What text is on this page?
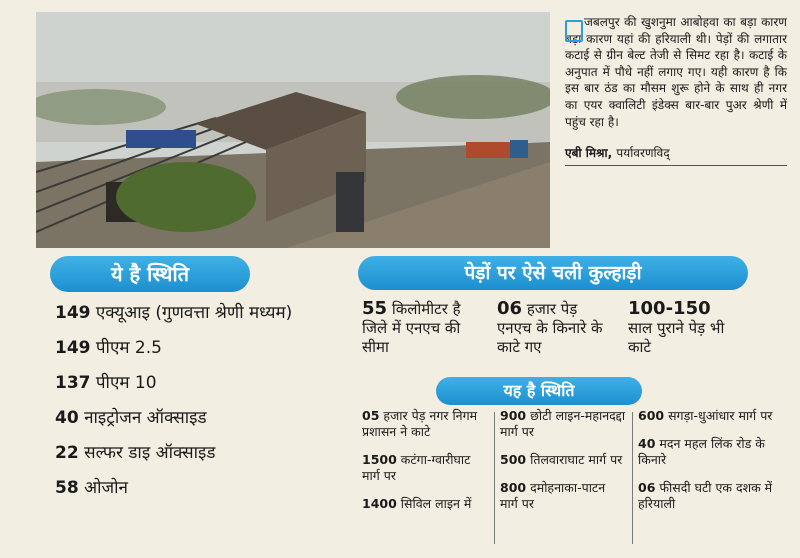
जबलपुर की खुशनुमा आबोहवा का बड़ा कारण बड़ा कारण यहां की हरियाली थी। पेड़ों की लगातार कटाई से ग्रीन बेल्ट तेजी से सिमट रहा है। कटाई के अनुपात में पौधे नहीं लगाए गए। यही कारण है कि इस बार ठंड का मौसम शुरू होने के साथ ही नगर का एयर क्वालिटी इंडेक्स बार-बार पुअर श्रेणी में पहुंच रहा है।

एबी मिश्रा, पर्यावरणविद्
ये है स्थिति
149 एक्यूआइ (गुणवत्ता श्रेणी मध्यम)
149 पीएम 2.5
137 पीएम 10
40 नाइट्रोजन ऑक्साइड
22 सल्फर डाइ ऑक्साइड
58 ओजोन
पेड़ों पर ऐसे चली कुल्हाड़ी
55 किलोमीटर है जिले में एनएच की सीमा
06 हजार पेड़ एनएच के किनारे के काटे गए
100-150 साल पुराने पेड़ भी काटे
यह है स्थिति
05 हजार पेड़ नगर निगम प्रशासन ने काटे
1500 कटंगा-ग्वारीघाट मार्ग पर
1400 सिविल लाइन में
900 छोटी लाइन-महानदद्दा मार्ग पर
500 तिलवाराघाट मार्ग पर
800 दमोहनाका-पाटन मार्ग पर
600 सगड़ा-धुआंधार मार्ग पर
40 मदन महल लिंक रोड के किनारे
06 फीसदी घटी एक दशक में हरियाली
